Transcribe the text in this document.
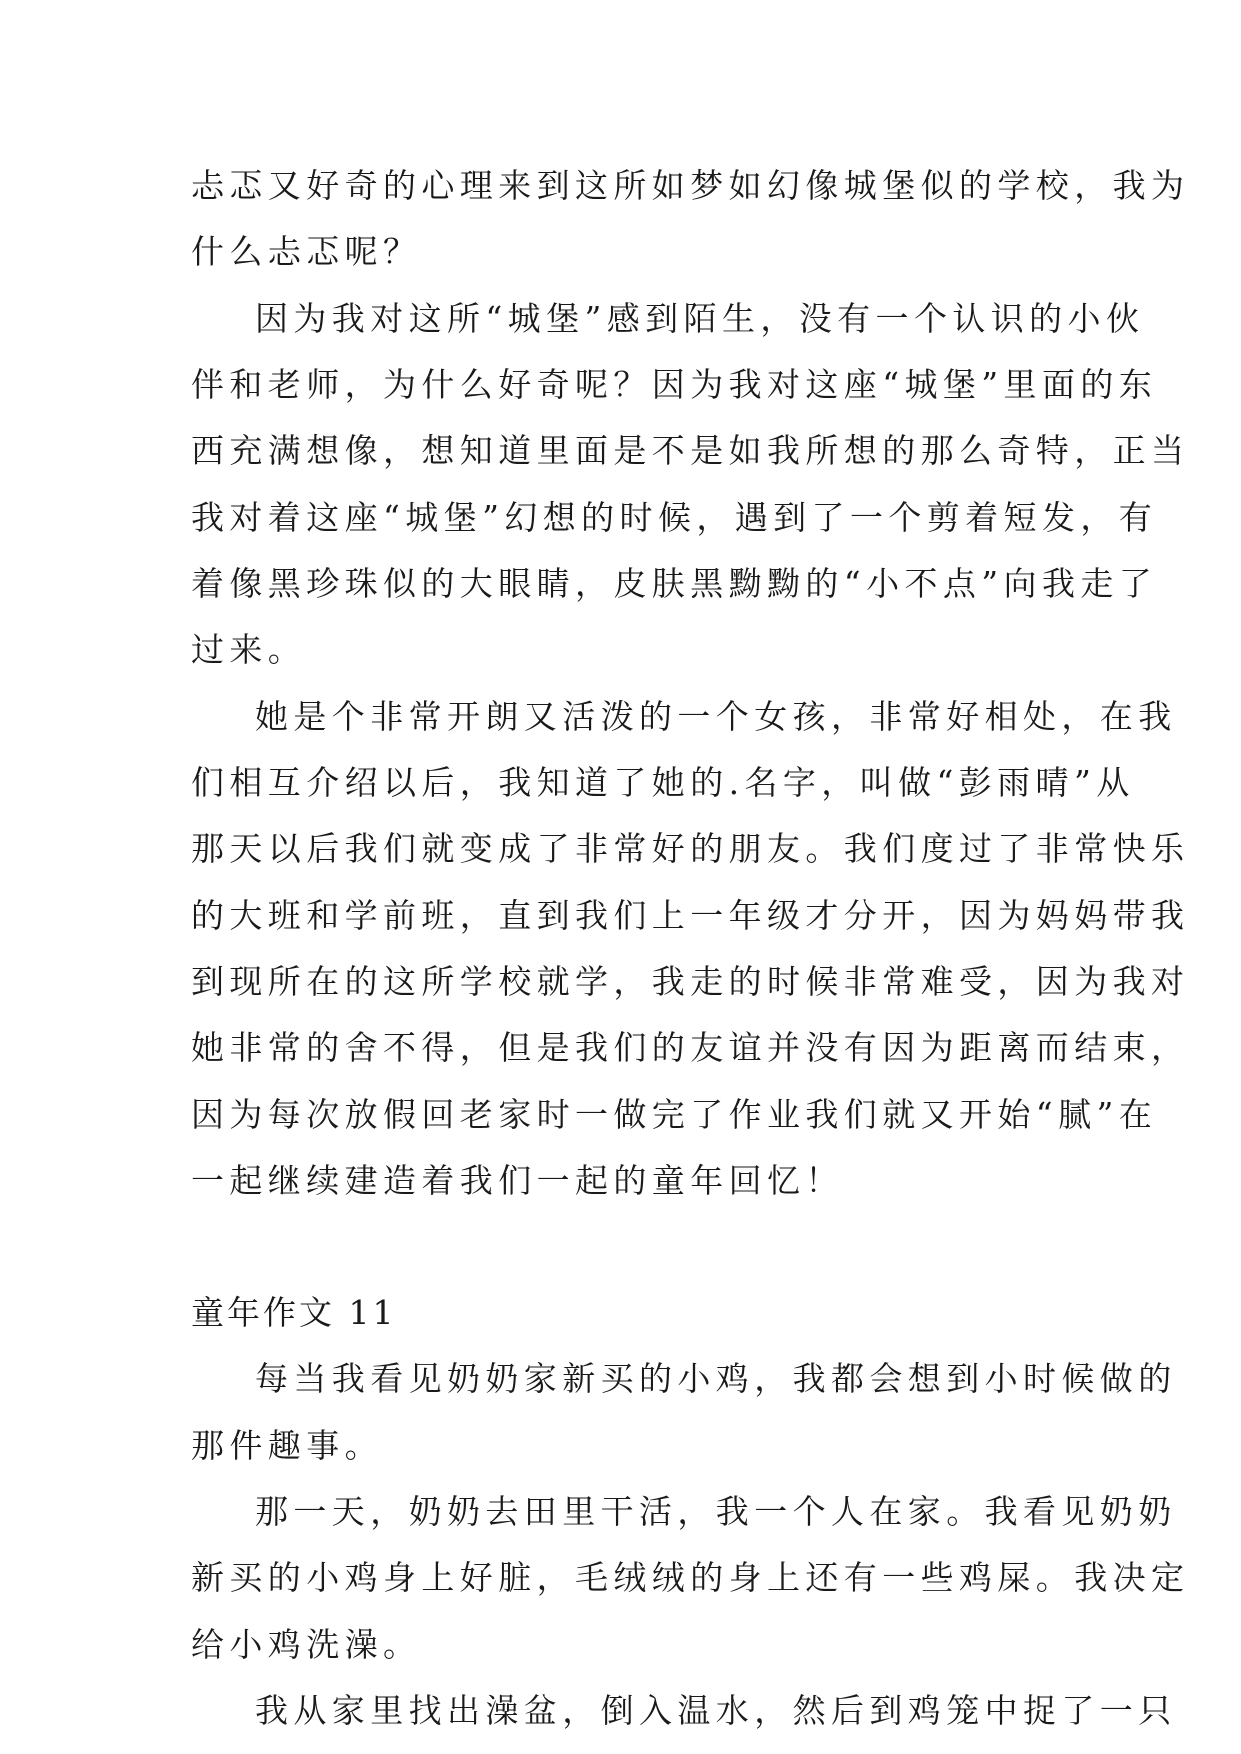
忐忑又好奇的心理来到这所如梦如幻像城堡似的学校，我为
什么忐忑呢？
因为我对这所“城堡”感到陌生，没有一个认识的小伙
伴和老师，为什么好奇呢？因为我对这座“城堡”里面的东
西充满想像，想知道里面是不是如我所想的那么奇特，正当
我对着这座“城堡”幻想的时候，遇到了一个剪着短发，有
着像黑珍珠似的大眼睛，皮肤黑黝黝的“小不点”向我走了
过来。
她是个非常开朗又活泼的一个女孩，非常好相处，在我
们相互介绍以后，我知道了她的.名字，叫做“彭雨晴”从
那天以后我们就变成了非常好的朋友。我们度过了非常快乐
的大班和学前班，直到我们上一年级才分开，因为妈妈带我
到现所在的这所学校就学，我走的时候非常难受，因为我对
她非常的舍不得，但是我们的友谊并没有因为距离而结束，
因为每次放假回老家时一做完了作业我们就又开始“腻”在
一起继续建造着我们一起的童年回忆！
童年作文 11
每当我看见奶奶家新买的小鸡，我都会想到小时候做的
那件趣事。
那一天，奶奶去田里干活，我一个人在家。我看见奶奶
新买的小鸡身上好脏，毛绒绒的身上还有一些鸡屎。我决定
给小鸡洗澡。
我从家里找出澡盆，倒入温水，然后到鸡笼中捉了一只
